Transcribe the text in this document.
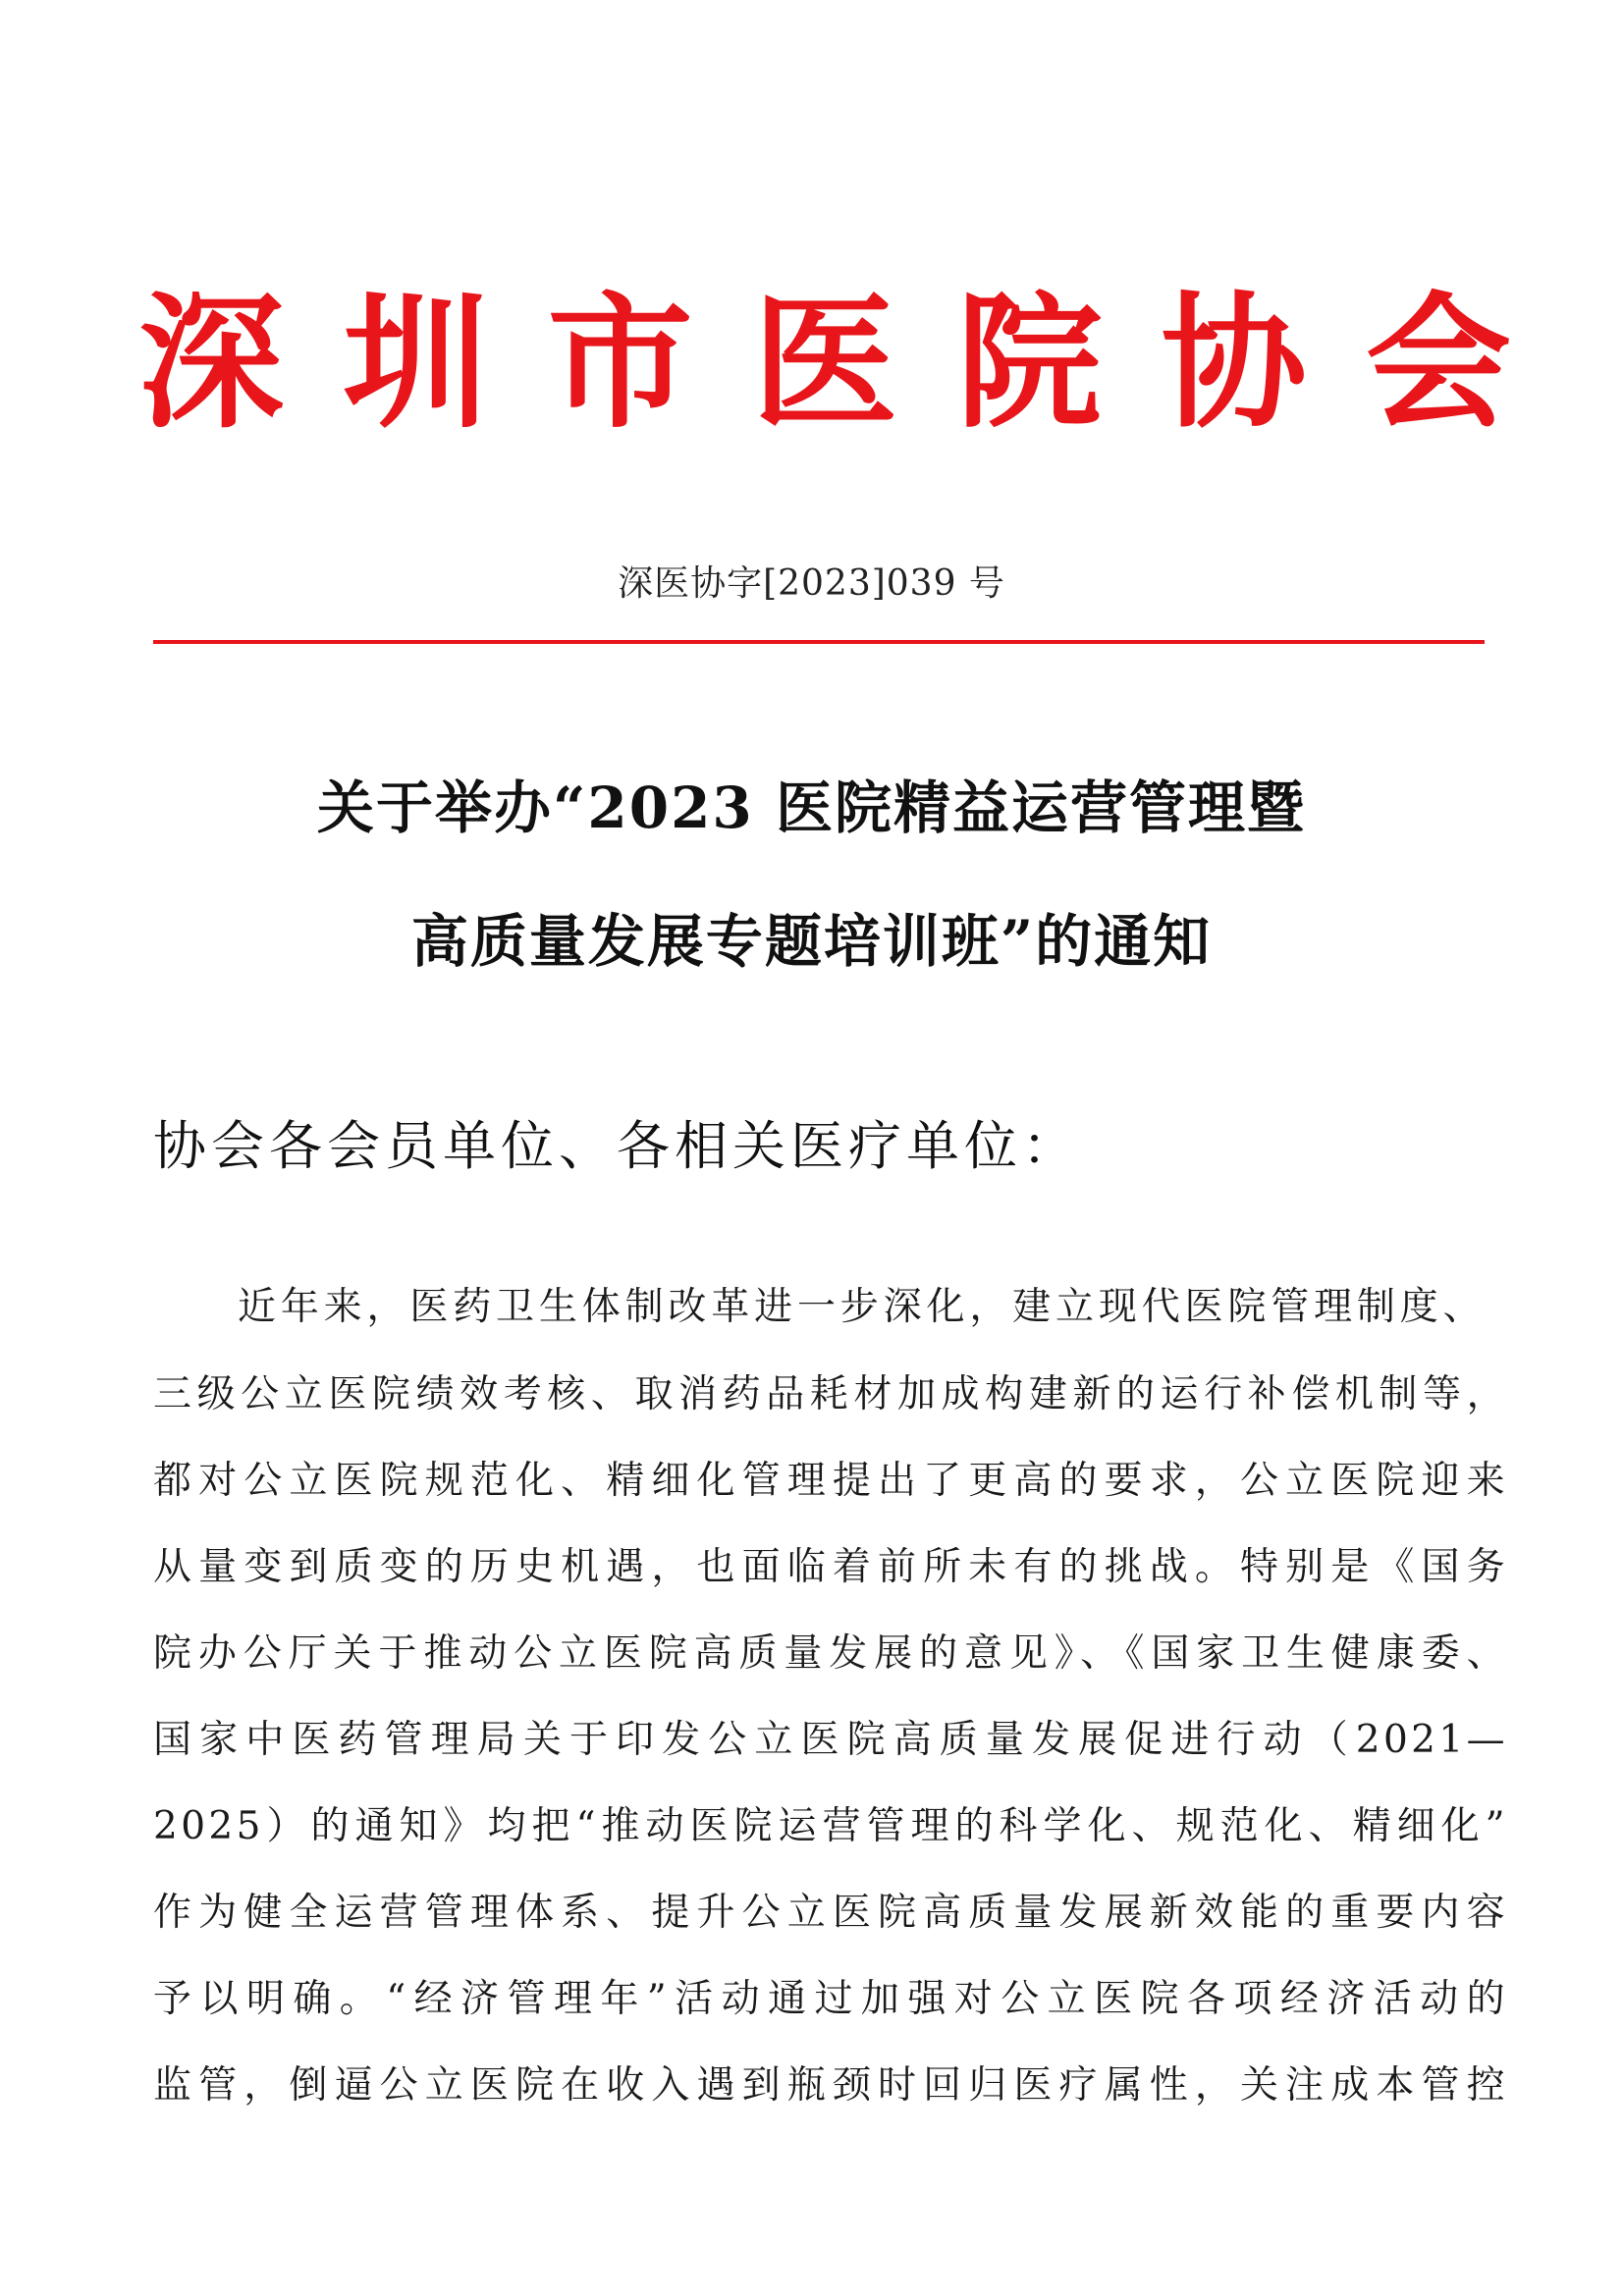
深 圳 市 医 院 协 会
深医协字[2023]039 号
关于举办“2023 医院精益运营管理暨
高质量发展专题培训班”的通知
协会各会员单位、各相关医疗单位：
近年来，医药卫生体制改革进一步深化，建立现代医院管理制度、
三级公立医院绩效考核、取消药品耗材加成构建新的运行补偿机制等，
都对公立医院规范化、精细化管理提出了更高的要求，公立医院迎来
从量变到质变的历史机遇，也面临着前所未有的挑战。特别是《国务
院办公厅关于推动公立医院高质量发展的意见》、《国家卫生健康委、
国家中医药管理局关于印发公立医院高质量发展促进行动（2021—
2025）的通知》均把“推动医院运营管理的科学化、规范化、精细化”
作为健全运营管理体系、提升公立医院高质量发展新效能的重要内容
予以明确。“经济管理年”活动通过加强对公立医院各项经济活动的
监管，倒逼公立医院在收入遇到瓶颈时回归医疗属性，关注成本管控
